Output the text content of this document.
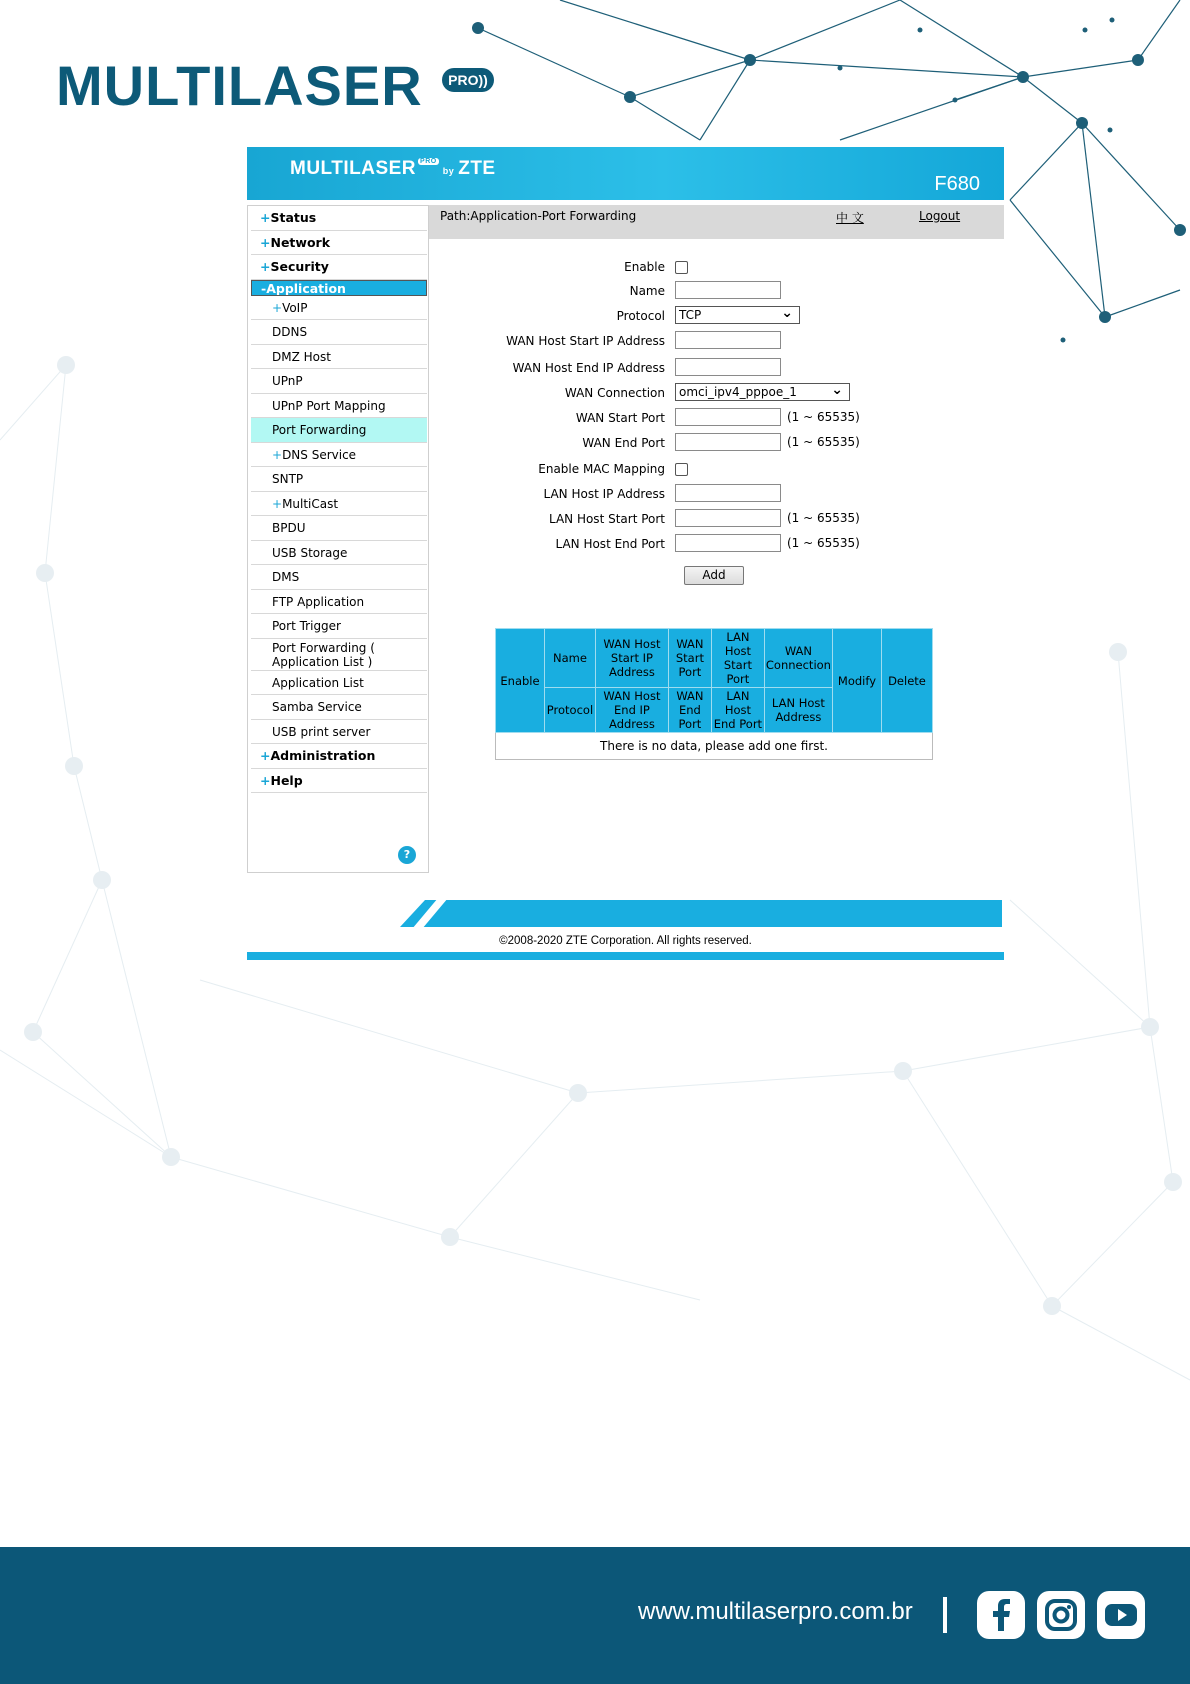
MULTILASER	PRO))
MULTILASER PROby ZTE
F680
+Status
+Network
+Security
-Application
+VoIP
DDNS
DMZ Host
UPnP
UPnP Port Mapping
Port Forwarding
+DNS Service
SNTP
+MultiCast
BPDU
USB Storage
DMS
FTP Application
Port Trigger
Port Forwarding ( Application List )
Application List
Samba Service
USB print server
+Administration
+Help
?
Path:Application-Port Forwarding	中 文	Logout
Enable
Name
Protocol	TCP	⌄
WAN Host Start IP Address
WAN Host End IP Address
WAN Connection	omci_ipv4_pppoe_1 ⌄
WAN Start Port	(1 ~ 65535)
WAN End Port	(1 ~ 65535)
Enable MAC Mapping
LAN Host IP Address
LAN Host Start Port	(1 ~ 65535)
LAN Host End Port	(1 ~ 65535)
Add
Enable	Name	WAN Host Start IP Address	WAN Start Port	LAN Host Start Port	WAN Connection	Modify	Delete
	Protocol	WAN Host End IP Address	WAN End Port	LAN Host End Port	LAN Host Address		
There is no data, please add one first.							
©2008-2020 ZTE Corporation. All rights reserved.
www.multilaserpro.com.br
